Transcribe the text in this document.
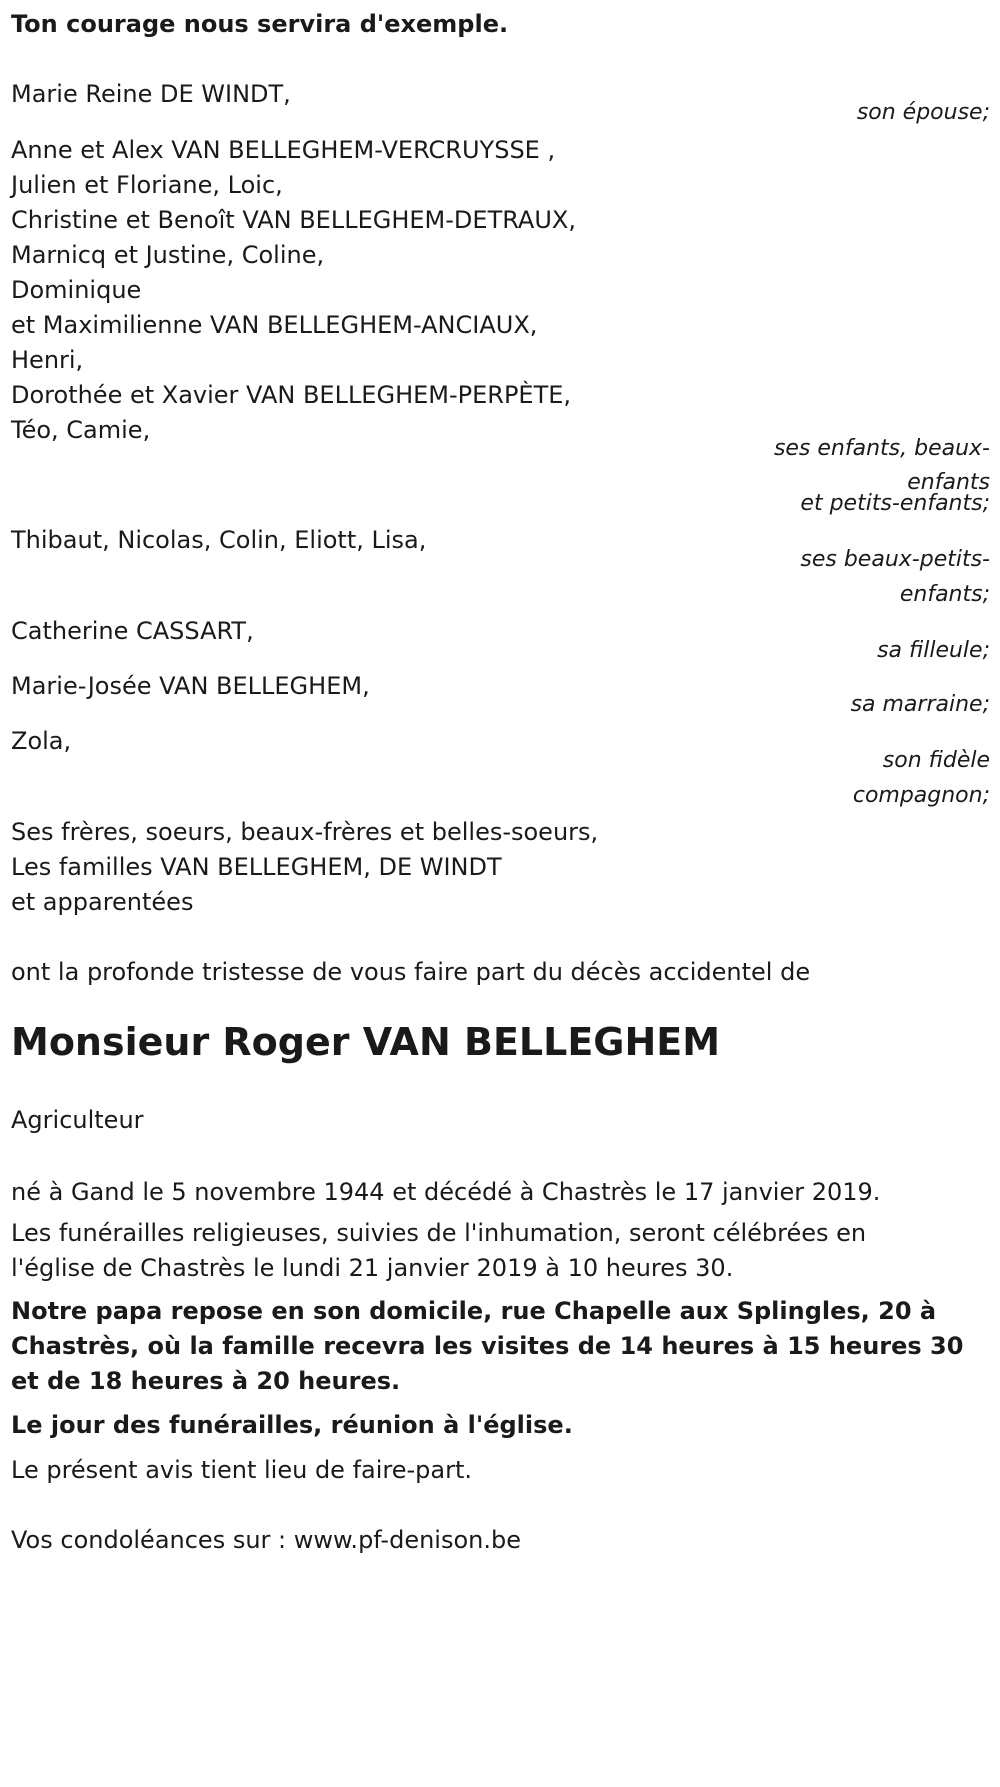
Ton courage nous servira d'exemple.

Marie Reine DE WINDT,

son épouse;

Anne et Alex VAN BELLEGHEM-VERCRUYSSE ,

Julien et Floriane, Loic,

Christine et Benoît VAN BELLEGHEM-DETRAUX,

Marnicq et Justine, Coline,

Dominique

et Maximilienne VAN BELLEGHEM-ANCIAUX,

Henri,

Dorothée et Xavier VAN BELLEGHEM-PERPÈTE,

Téo, Camie,

ses enfants, beaux-

enfants

et petits-enfants;

Thibaut, Nicolas, Colin, Eliott, Lisa,

ses beaux-petits-

enfants;

Catherine CASSART,

sa filleule;

Marie-Josée VAN BELLEGHEM,

sa marraine;

Zola,

son fidèle

compagnon;

Ses frères, soeurs, beaux-frères et belles-soeurs,

Les familles VAN BELLEGHEM, DE WINDT

et apparentées

ont la profonde tristesse de vous faire part du décès accidentel de

Monsieur Roger VAN BELLEGHEM

Agriculteur

né à Gand le 5 novembre 1944 et décédé à Chastrès le 17 janvier 2019.

Les funérailles religieuses, suivies de l'inhumation, seront célébrées en

l'église de Chastrès le lundi 21 janvier 2019 à 10 heures 30.

Notre papa repose en son domicile, rue Chapelle aux Splingles, 20 à

Chastrès, où la famille recevra les visites de 14 heures à 15 heures 30

et de 18 heures à 20 heures.

Le jour des funérailles, réunion à l'église.

Le présent avis tient lieu de faire-part.

Vos condoléances sur : www.pf-denison.be
